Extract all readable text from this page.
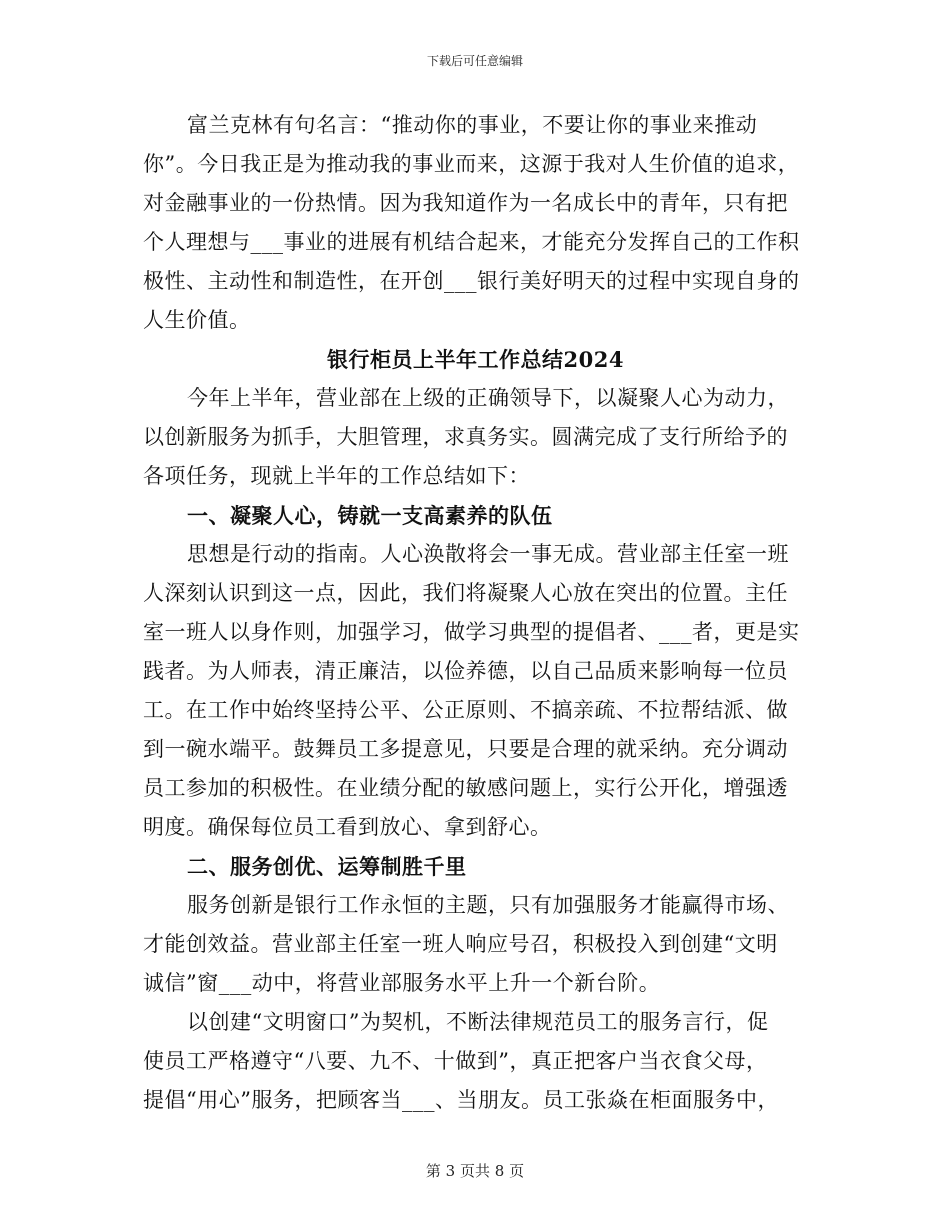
下载后可任意编辑
富兰克林有句名言：“推动你的事业，不要让你的事业来推动
你”。今日我正是为推动我的事业而来，这源于我对人生价值的追求，
对金融事业的一份热情。因为我知道作为一名成长中的青年，只有把
个人理想与___事业的进展有机结合起来，才能充分发挥自己的工作积
极性、主动性和制造性，在开创___银行美好明天的过程中实现自身的
人生价值。
银行柜员上半年工作总结2024
今年上半年，营业部在上级的正确领导下，以凝聚人心为动力，
以创新服务为抓手，大胆管理，求真务实。圆满完成了支行所给予的
各项任务，现就上半年的工作总结如下：
一、凝聚人心，铸就一支高素养的队伍
思想是行动的指南。人心涣散将会一事无成。营业部主任室一班
人深刻认识到这一点，因此，我们将凝聚人心放在突出的位置。主任
室一班人以身作则，加强学习，做学习典型的提倡者、___者，更是实
践者。为人师表，清正廉洁，以俭养德，以自己品质来影响每一位员
工。在工作中始终坚持公平、公正原则、不搞亲疏、不拉帮结派、做
到一碗水端平。鼓舞员工多提意见，只要是合理的就采纳。充分调动
员工参加的积极性。在业绩分配的敏感问题上，实行公开化，增强透
明度。确保每位员工看到放心、拿到舒心。
二、服务创优、运筹制胜千里
服务创新是银行工作永恒的主题，只有加强服务才能赢得市场、
才能创效益。营业部主任室一班人响应号召，积极投入到创建“文明
诚信”窗___动中，将营业部服务水平上升一个新台阶。
以创建“文明窗口”为契机，不断法律规范员工的服务言行，促
使员工严格遵守“八要、九不、十做到”，真正把客户当衣食父母，
提倡“用心”服务，把顾客当___、当朋友。员工张焱在柜面服务中，
第 3 页共 8 页
